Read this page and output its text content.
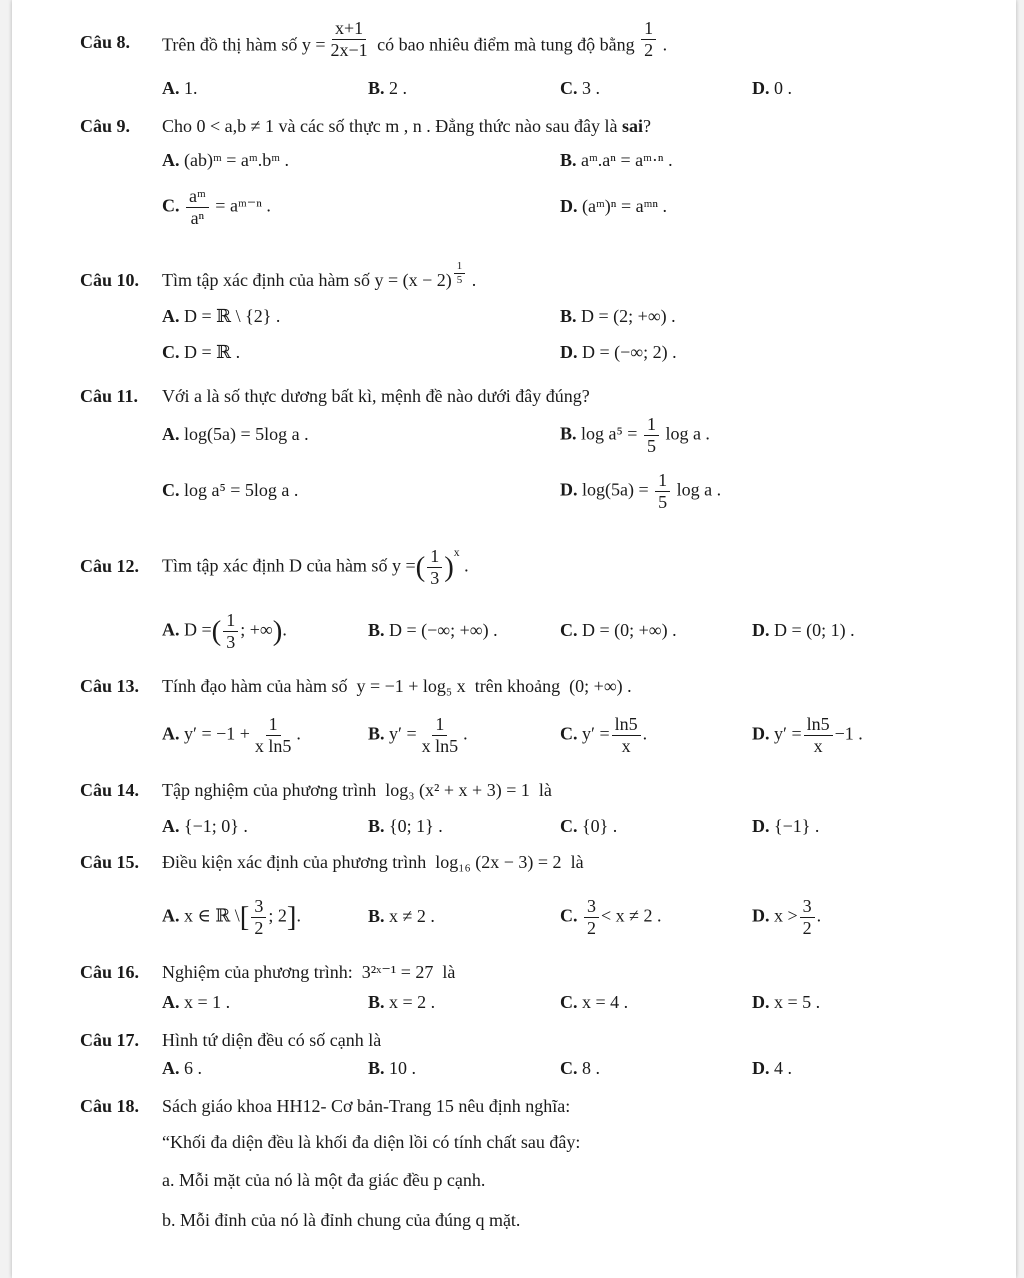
Câu 8. Trên đồ thị hàm số $y = \frac{x+1}{2x-1}$ có bao nhiêu điểm mà tung độ bằng $\frac{1}{2}$ .
A. 1.	B. 2 .	C. 3 .	D. 0 .
Câu 9. Cho 0 < a,b ≠ 1 và các số thực m , n . Đẳng thức nào sau đây là sai?
A. (ab)ᵐ = aᵐ.bᵐ .	B. aᵐ.aⁿ = aᵐ·ⁿ .
C. $\frac{\text{aᵐ}}{\text{aⁿ}}$ = aᵐ⁻ⁿ .	D. (aᵐ)ⁿ = aᵐⁿ .
Câu 10. Tìm tập xác định của hàm số y = (x − 2) $^{\frac{1}{5}}$ .
A. D = ℝ \ {2} .	B. D = (2; +∞) .
C. D = ℝ .	D. D = (−∞; 2) .
Câu 11. Với a là số thực dương bất kì, mệnh đề nào dưới đây đúng?
A. log(5a) = 5log a .	B. $\log a^5 = \frac{1}{5}$ log a .
C. log a⁵ = 5log a .	D. $\log(5a) = \frac{1}{5}$ log a .
Câu 12. Tìm tập xác định D của hàm số y =( $\frac{1}{3} )^x$ .
A. D =( $\frac{1}{3}$ ; +∞).	B. D = (−∞; +∞) .	C. D = (0; +∞) .	D. D = (0; 1) .
Câu 13. Tính đạo hàm của hàm số y = −1 + log₅ x trên khoảng (0; +∞) .
A. $y' = -1 + \frac{1}{\text{x ln5}}$ .	B. $y' = \frac{1}{\text{x ln5}}$ .	C. $y' = \frac{\ln 5}{x}$ .	D. $y' = \frac{\ln 5}{x} -1$ .
Câu 14. Tập nghiệm của phương trình log₃ (x² + x + 3) = 1 là
A. {−1; 0} .	B. {0; 1} .	C. {0} .	D. {−1} .
Câu 15. Điều kiện xác định của phương trình log₁₆ (2x − 3) = 2 là
A. x ∈ ℝ \[ $\frac{3}{2}$ ; 2].	B. x ≠ 2 .	C. $\frac{3}{2} < x \ne 2$ .	D. $x > \frac{3}{2}$ .
Câu 16. Nghiệm của phương trình: 3²ˣ⁻¹ = 27 là
A. x = 1 .	B. x = 2 .	C. x = 4 .	D. x = 5 .
Câu 17. Hình tứ diện đều có số cạnh là
A. 6 .	B. 10 .	C. 8 .	D. 4 .
Câu 18. Sách giáo khoa HH12- Cơ bản-Trang 15 nêu định nghĩa:
“Khối đa diện đều là khối đa diện lồi có tính chất sau đây:
a. Mỗi mặt của nó là một đa giác đều p cạnh.
b. Mỗi đỉnh của nó là đỉnh chung của đúng q mặt.
